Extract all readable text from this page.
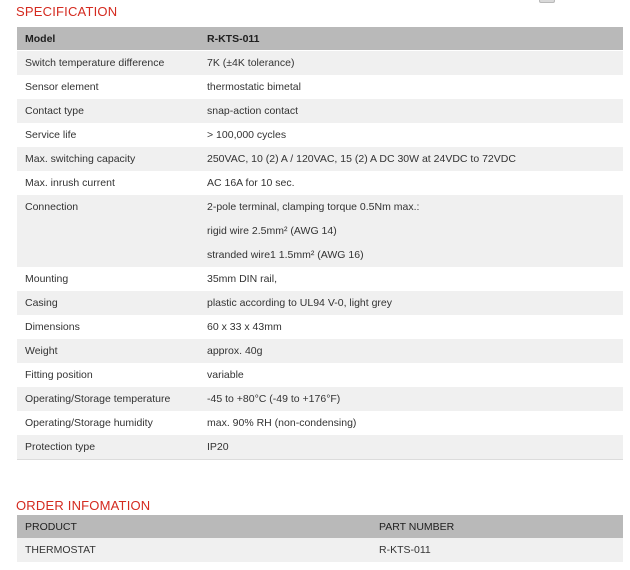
SPECIFICATION
Model	R-KTS-011
Switch temperature difference	7K (±4K tolerance)
Sensor element	thermostatic bimetal
Contact type	snap-action contact
Service life	> 100,000 cycles
Max. switching capacity	250VAC, 10 (2) A / 120VAC, 15 (2) A DC 30W at 24VDC to 72VDC
Max. inrush current	AC 16A for 10 sec.
Connection	2-pole terminal, clamping torque 0.5Nm max.:
rigid wire 2.5mm² (AWG 14)
stranded wire1 1.5mm² (AWG 16)

Mounting	35mm DIN rail,
Casing	plastic according to UL94 V-0, light grey
Dimensions	60 x 33 x 43mm
Weight	approx. 40g
Fitting position	variable
Operating/Storage temperature	-45 to +80°C (-49 to +176°F)
Operating/Storage humidity	max. 90% RH (non-condensing)
Protection type	IP20
ORDER INFOMATION
PRODUCT	PART NUMBER
THERMOSTAT	R-KTS-011
